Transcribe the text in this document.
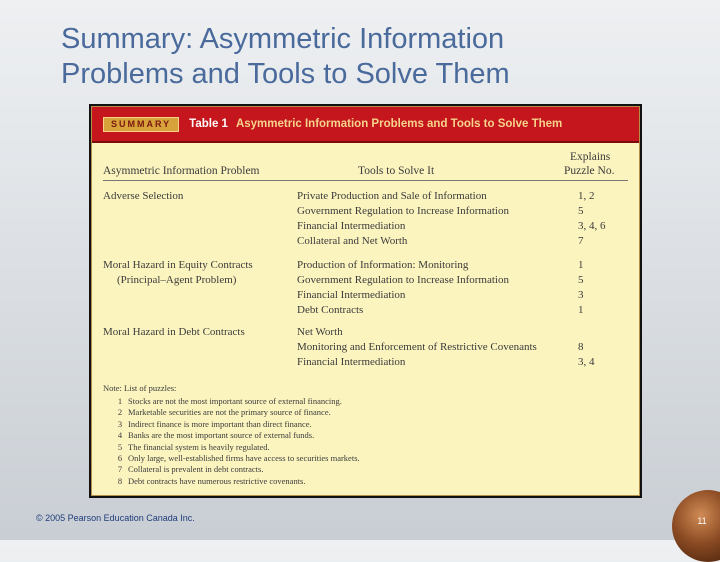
Summary: Asymmetric Information
Problems and Tools to Solve Them
SUMMARY	Table 1 Asymmetric Information Problems and Tools to Solve Them
Asymmetric Information Problem	Tools to Solve It
Explains
Puzzle No.
Adverse Selection	Private Production and Sale of Information	1, 2
Government Regulation to Increase Information	5
Financial Intermediation	3, 4, 6
Collateral and Net Worth	7
Moral Hazard in Equity Contracts
(Principal–Agent Problem)
Production of Information: Monitoring	1
Government Regulation to Increase Information	5
Financial Intermediation	3
Debt Contracts	1
Moral Hazard in Debt Contracts	Net Worth
Monitoring and Enforcement of Restrictive Covenants	8
Financial Intermediation	3, 4
Note: List of puzzles:
1 Stocks are not the most important source of external financing.
2 Marketable securities are not the primary source of finance.
3 Indirect finance is more important than direct finance.
4 Banks are the most important source of external funds.
5 The financial system is heavily regulated.
6 Only large, well-established firms have access to securities markets.
7 Collateral is prevalent in debt contracts.
8 Debt contracts have numerous restrictive covenants.
© 2005 Pearson Education Canada Inc.	11
